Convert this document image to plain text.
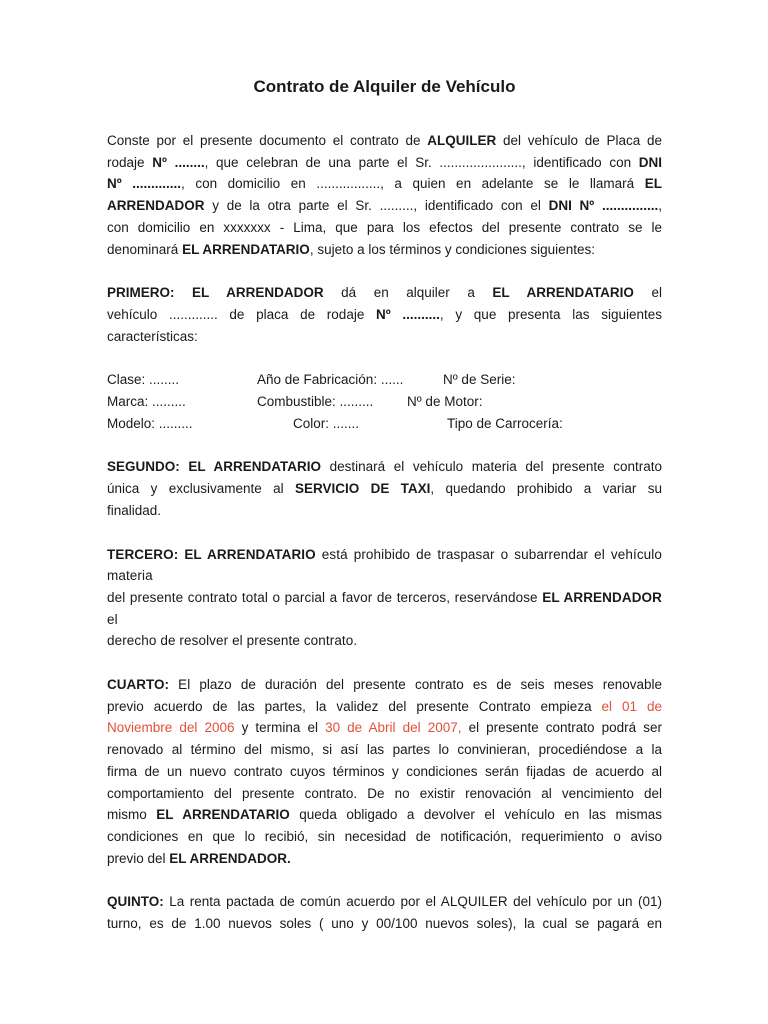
Contrato de Alquiler de Vehículo
Conste por el presente documento el contrato de ALQUILER del vehículo de Placa de
rodaje Nº ........, que celebran de una parte el Sr. ......................, identificado con DNI
Nº ............., con domicilio en ................., a quien en adelante se le llamará EL
ARRENDADOR y de la otra parte el Sr. ........., identificado con el DNI Nº ...............,
con domicilio en xxxxxxx - Lima, que para los efectos del presente contrato se le
denominará EL ARRENDATARIO, sujeto a los términos y condiciones siguientes:
PRIMERO: EL ARRENDADOR dá en alquiler a EL ARRENDATARIO el
vehículo ............. de placa de rodaje Nº .........., y que presenta las siguientes
características:
Clase: ........	Año de Fabricación: ......	Nº de Serie:
Marca: .........	Combustible: ......... Nº de Motor:
Modelo: .........	Color: .......	Tipo de Carrocería:
SEGUNDO: EL ARRENDATARIO destinará el vehículo materia del presente contrato
única y exclusivamente al SERVICIO DE TAXI, quedando prohibido a variar su
finalidad.
TERCERO: EL ARRENDATARIO está prohibido de traspasar o subarrendar el vehículo materia
del presente contrato total o parcial a favor de terceros, reservándose EL ARRENDADOR el
derecho de resolver el presente contrato.
CUARTO: El plazo de duración del presente contrato es de seis meses renovable
previo acuerdo de las partes, la validez del presente Contrato empieza el 01 de
Noviembre del 2006 y termina el 30 de Abril del 2007, el presente contrato podrá ser
renovado al término del mismo, si así las partes lo convinieran, procediéndose a la
firma de un nuevo contrato cuyos términos y condiciones serán fijadas de acuerdo al
comportamiento del presente contrato. De no existir renovación al vencimiento del
mismo EL ARRENDATARIO queda obligado a devolver el vehículo en las mismas
condiciones en que lo recibió, sin necesidad de notificación, requerimiento o aviso
previo del EL ARRENDADOR.
QUINTO: La renta pactada de común acuerdo por el ALQUILER del vehículo por un (01)
turno, es de 1.00 nuevos soles ( uno y 00/100 nuevos soles), la cual se pagará en
